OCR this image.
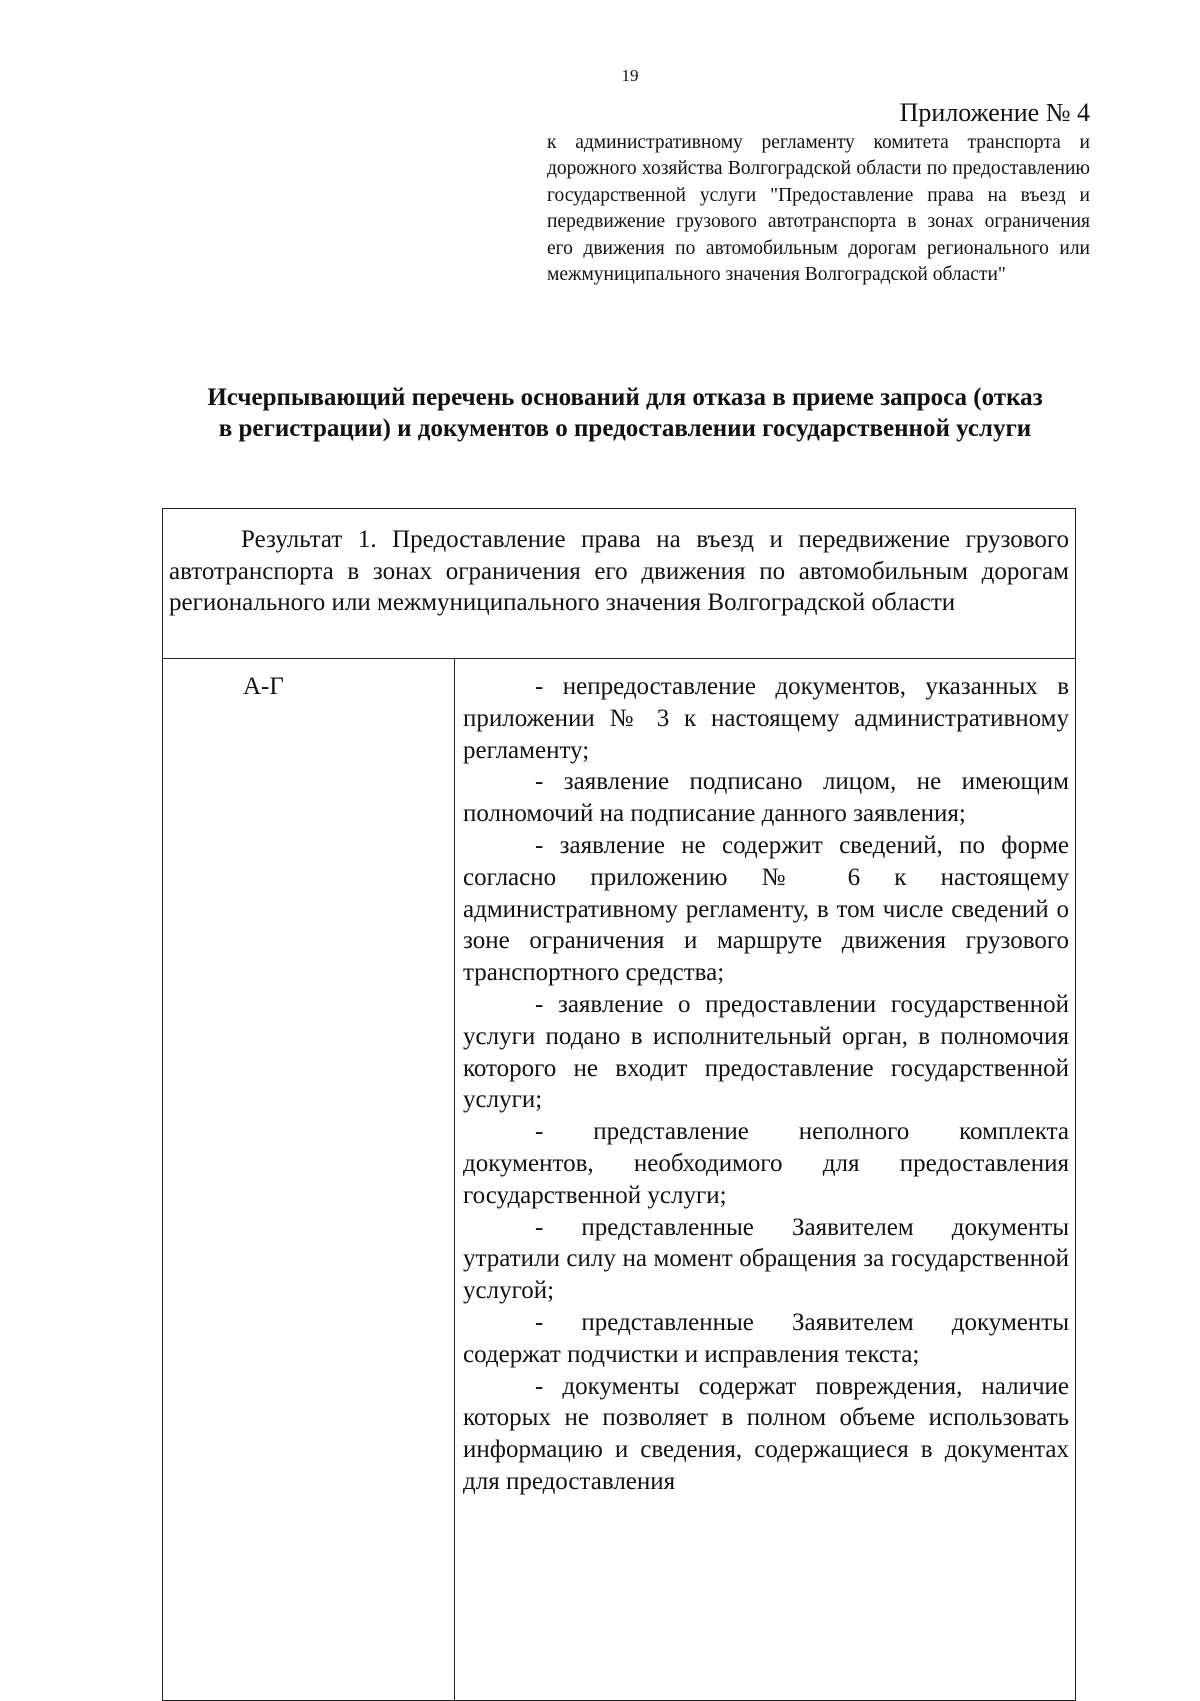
19
Приложение № 4
к административному регламенту комитета транспорта и дорожного хозяйства Волгоградской области по предоставлению государственной услуги "Предоставление права на въезд и передвижение грузового автотранспорта в зонах ограничения его движения по автомобильным дорогам регионального или межмуниципального значения Волгоградской области"
Исчерпывающий перечень оснований для отказа в приеме запроса (отказ в регистрации) и документов о предоставлении государственной услуги
Результат 1. Предоставление права на въезд и передвижение грузового автотранспорта в зонах ограничения его движения по автомобильным дорогам регионального или межмуниципального значения Волгоградской области
А-Г	- непредоставление документов, указанных в приложении № 3 к настоящему административному регламенту;

- заявление подписано лицом, не имеющим полномочий на подписание данного заявления;

- заявление не содержит сведений, по форме согласно приложению № 6 к настоящему административному регламенту, в том числе сведений о зоне ограничения и маршруте движения грузового транспортного средства;

- заявление о предоставлении государственной услуги подано в исполнительный орган, в полномочия которого не входит предоставление государственной услуги;

- представление неполного комплекта документов, необходимого для предоставления государственной услуги;

- представленные Заявителем документы утратили силу на момент обращения за государственной услугой;

- представленные Заявителем документы содержат подчистки и исправления текста;

- документы содержат повреждения, наличие которых не позволяет в полном объеме использовать информацию и сведения, содержащиеся в документах для предоставления
